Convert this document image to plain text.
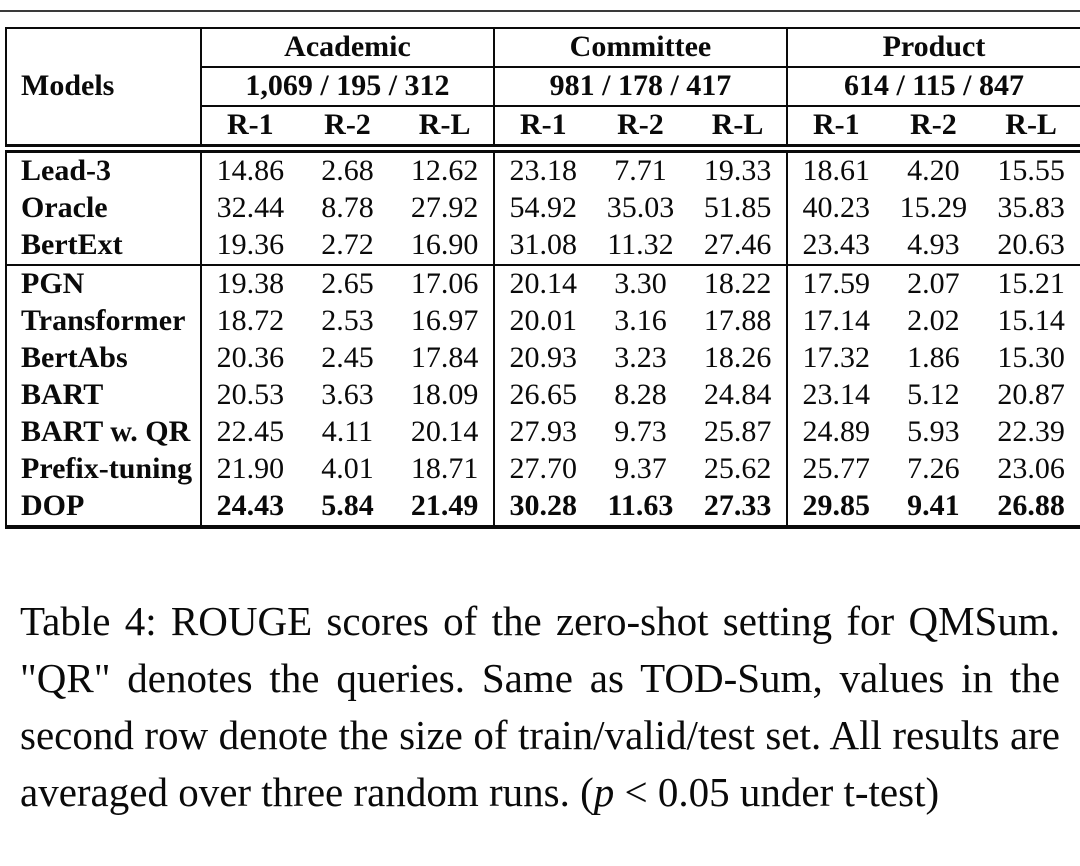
Models	Academic			Committee			Product		
	1,069 / 195 / 312			981 / 178 / 417			614 / 115 / 847		
	R-1	R-2	R-L	R-1	R-2	R-L	R-1	R-2	R-L
Lead-3	14.86	2.68	12.62	23.18	7.71	19.33	18.61	4.20	15.55
Oracle	32.44	8.78	27.92	54.92	35.03	51.85	40.23	15.29	35.83
BertExt	19.36	2.72	16.90	31.08	11.32	27.46	23.43	4.93	20.63
PGN	19.38	2.65	17.06	20.14	3.30	18.22	17.59	2.07	15.21
Transformer	18.72	2.53	16.97	20.01	3.16	17.88	17.14	2.02	15.14
BertAbs	20.36	2.45	17.84	20.93	3.23	18.26	17.32	1.86	15.30
BART	20.53	3.63	18.09	26.65	8.28	24.84	23.14	5.12	20.87
BART w. QR	22.45	4.11	20.14	27.93	9.73	25.87	24.89	5.93	22.39
Prefix-tuning	21.90	4.01	18.71	27.70	9.37	25.62	25.77	7.26	23.06
DOP	24.43	5.84	21.49	30.28	11.63	27.33	29.85	9.41	26.88

Table 4: ROUGE scores of the zero-shot setting for QMSum. "QR" denotes the queries. Same as TOD-Sum, values in the second row denote the size of train/valid/test set. All results are averaged over three random runs. (p < 0.05 under t-test)
